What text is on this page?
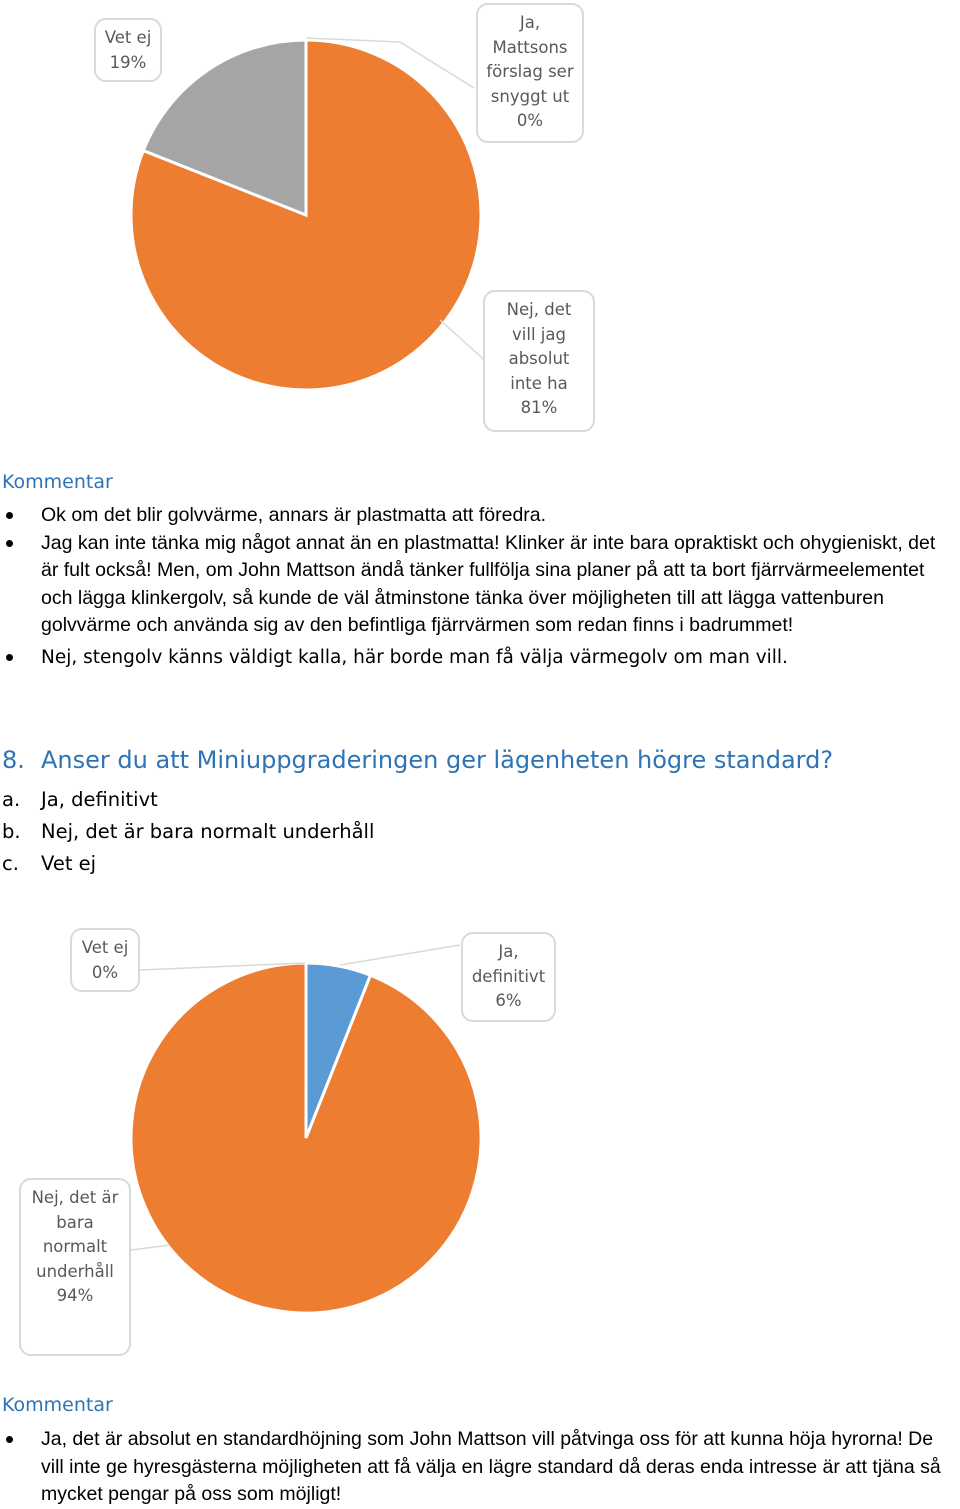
Vet ej
19%
Ja,
Mattsons
förslag ser
snyggt ut
0%
Nej, det
vill jag
absolut
inte ha
81%
Kommentar
Ok om det blir golvvärme, annars är plastmatta att föredra.
Jag kan inte tänka mig något annat än en plastmatta! Klinker är inte bara opraktiskt och ohygieniskt, det är fult också! Men, om John Mattson ändå tänker fullfölja sina planer på att ta bort fjärrvärmeelementet och lägga klinkergolv, så kunde de väl åtminstone tänka över möjligheten till att lägga vattenburen golvvärme och använda sig av den befintliga fjärrvärmen som redan finns i badrummet!
Nej, stengolv känns väldigt kalla, här borde man få välja värmegolv om man vill.
8. Anser du att Miniuppgraderingen ger lägenheten högre standard?
a. Ja, definitivt
b. Nej, det är bara normalt underhåll
c. Vet ej
Vet ej
0%
Ja,
definitivt
6%
Nej, det är
bara
normalt
underhåll
94%
Kommentar
Ja, det är absolut en standardhöjning som John Mattson vill påtvinga oss för att kunna höja hyrorna! De vill inte ge hyresgästerna möjligheten att få välja en lägre standard då deras enda intresse är att tjäna så mycket pengar på oss som möjligt!
